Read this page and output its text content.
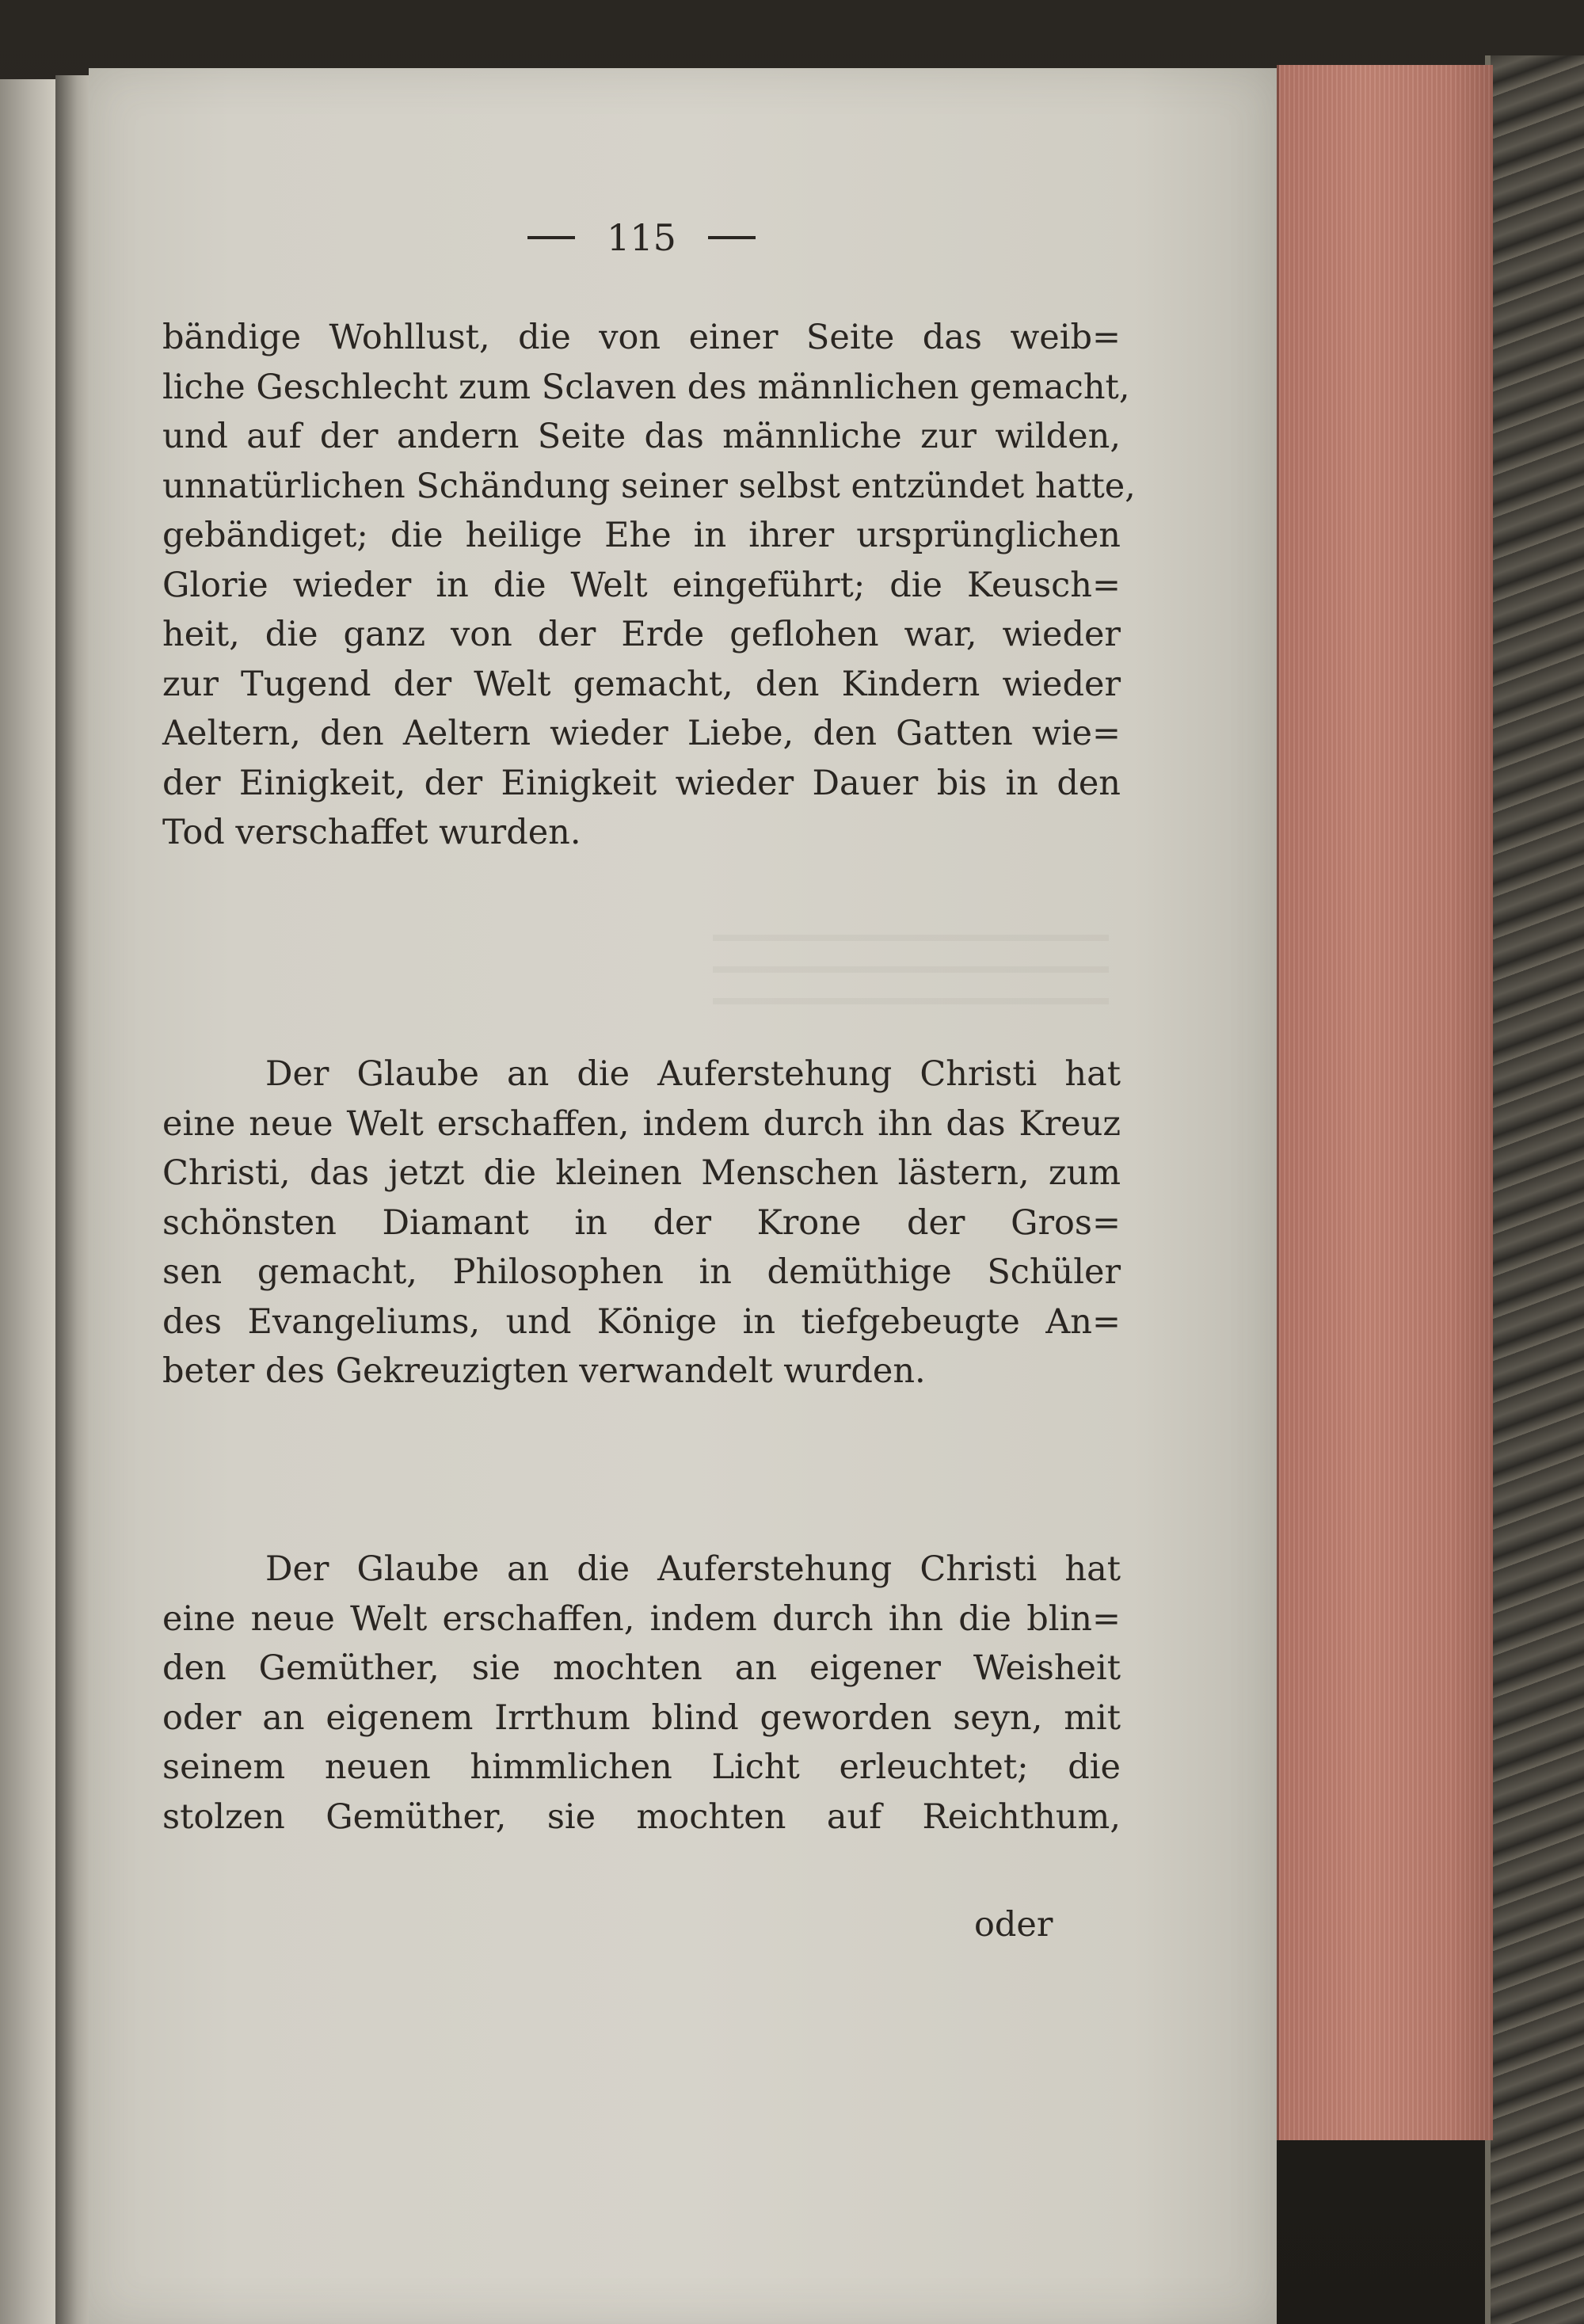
115
bändige Wohllust, die von einer Seite das weib=
liche Geschlecht zum Sclaven des männlichen gemacht,
und auf der andern Seite das männliche zur wilden,
unnatürlichen Schändung seiner selbst entzündet hatte,
gebändiget; die heilige Ehe in ihrer ursprünglichen
Glorie wieder in die Welt eingeführt; die Keusch=
heit, die ganz von der Erde geflohen war, wieder
zur Tugend der Welt gemacht, den Kindern wieder
Aeltern, den Aeltern wieder Liebe, den Gatten wie=
der Einigkeit, der Einigkeit wieder Dauer bis in den
Tod verschaffet wurden.
Der Glaube an die Auferstehung Christi hat
eine neue Welt erschaffen, indem durch ihn das Kreuz
Christi, das jetzt die kleinen Menschen lästern, zum
schönsten Diamant in der Krone der Gros=
sen gemacht, Philosophen in demüthige Schüler
des Evangeliums, und Könige in tiefgebeugte An=
beter des Gekreuzigten verwandelt wurden.
Der Glaube an die Auferstehung Christi hat
eine neue Welt erschaffen, indem durch ihn die blin=
den Gemüther, sie mochten an eigener Weisheit
oder an eigenem Irrthum blind geworden seyn, mit
seinem neuen himmlichen Licht erleuchtet; die
stolzen Gemüther, sie mochten auf Reichthum,
oder
